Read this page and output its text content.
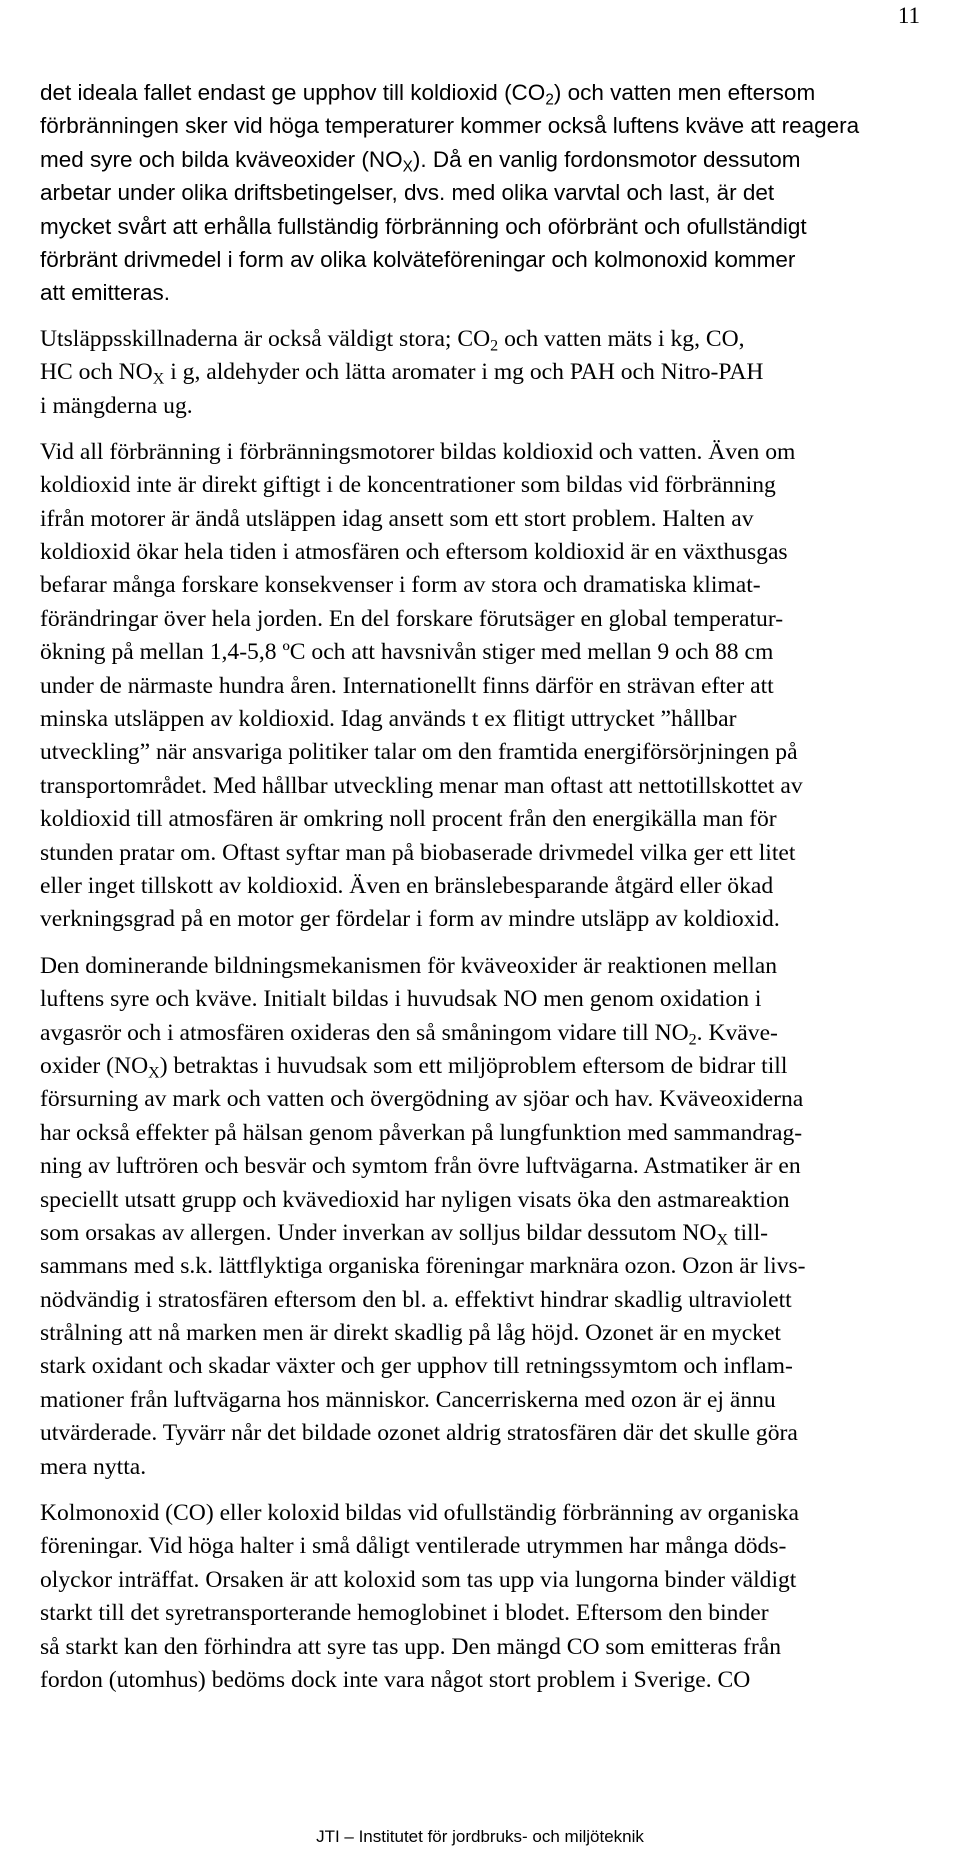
11
det ideala fallet endast ge upphov till koldioxid $(CO_2)$ och vatten men eftersom
förbränningen sker vid höga temperaturer kommer också luftens kväve att reagera
med syre och bilda kväveoxider $(NO_X)$. Då en vanlig fordonsmotor dessutom
arbetar under olika driftsbetingelser, dvs. med olika varvtal och last, är det
mycket svårt att erhålla fullständig förbränning och oförbränt och ofullständigt
förbränt drivmedel i form av olika kolväteföreningar och kolmonoxid kommer
att emitteras.
Utsläppsskillnaderna är också väldigt stora; $CO_2$ och vatten mäts i kg, CO,
HC och $NO_X$ i g, aldehyder och lätta aromater i mg och PAH och Nitro-PAH
i mängderna ug.
Vid all förbränning i förbränningsmotorer bildas koldioxid och vatten. Även om
koldioxid inte är direkt giftigt i de koncentrationer som bildas vid förbränning
ifrån motorer är ändå utsläppen idag ansett som ett stort problem. Halten av
koldioxid ökar hela tiden i atmosfären och eftersom koldioxid är en växthusgas
befarar många forskare konsekvenser i form av stora och dramatiska klimat-
förändringar över hela jorden. En del forskare förutsäger en global temperatur-
ökning på mellan 1,4-5,8 ºC och att havsnivån stiger med mellan 9 och 88 cm
under de närmaste hundra åren. Internationellt finns därför en strävan efter att
minska utsläppen av koldioxid. Idag används t ex flitigt uttrycket ”hållbar
utveckling” när ansvariga politiker talar om den framtida energiförsörjningen på
transportområdet. Med hållbar utveckling menar man oftast att nettotillskottet av
koldioxid till atmosfären är omkring noll procent från den energikälla man för
stunden pratar om. Oftast syftar man på biobaserade drivmedel vilka ger ett litet
eller inget tillskott av koldioxid. Även en bränslebesparande åtgärd eller ökad
verkningsgrad på en motor ger fördelar i form av mindre utsläpp av koldioxid.
Den dominerande bildningsmekanismen för kväveoxider är reaktionen mellan
luftens syre och kväve. Initialt bildas i huvudsak NO men genom oxidation i
avgasrör och i atmosfären oxideras den så småningom vidare till $NO_2$. Kväve-
oxider $(NO_X)$ betraktas i huvudsak som ett miljöproblem eftersom de bidrar till
försurning av mark och vatten och övergödning av sjöar och hav. Kväveoxiderna
har också effekter på hälsan genom påverkan på lungfunktion med sammandrag-
ning av luftrören och besvär och symtom från övre luftvägarna. Astmatiker är en
speciellt utsatt grupp och kvävedioxid har nyligen visats öka den astmareaktion
som orsakas av allergen. Under inverkan av solljus bildar dessutom $NO_X$ till-
sammans med s.k. lättflyktiga organiska föreningar marknära ozon. Ozon är livs-
nödvändig i stratosfären eftersom den bl. a. effektivt hindrar skadlig ultraviolett
strålning att nå marken men är direkt skadlig på låg höjd. Ozonet är en mycket
stark oxidant och skadar växter och ger upphov till retningssymtom och inflam-
mationer från luftvägarna hos människor. Cancerriskerna med ozon är ej ännu
utvärderade. Tyvärr når det bildade ozonet aldrig stratosfären där det skulle göra
mera nytta.
Kolmonoxid (CO) eller koloxid bildas vid ofullständig förbränning av organiska
föreningar. Vid höga halter i små dåligt ventilerade utrymmen har många döds-
olyckor inträffat. Orsaken är att koloxid som tas upp via lungorna binder väldigt
starkt till det syretransporterande hemoglobinet i blodet. Eftersom den binder
så starkt kan den förhindra att syre tas upp. Den mängd CO som emitteras från
fordon (utomhus) bedöms dock inte vara något stort problem i Sverige. CO
JTI – Institutet för jordbruks- och miljöteknik
